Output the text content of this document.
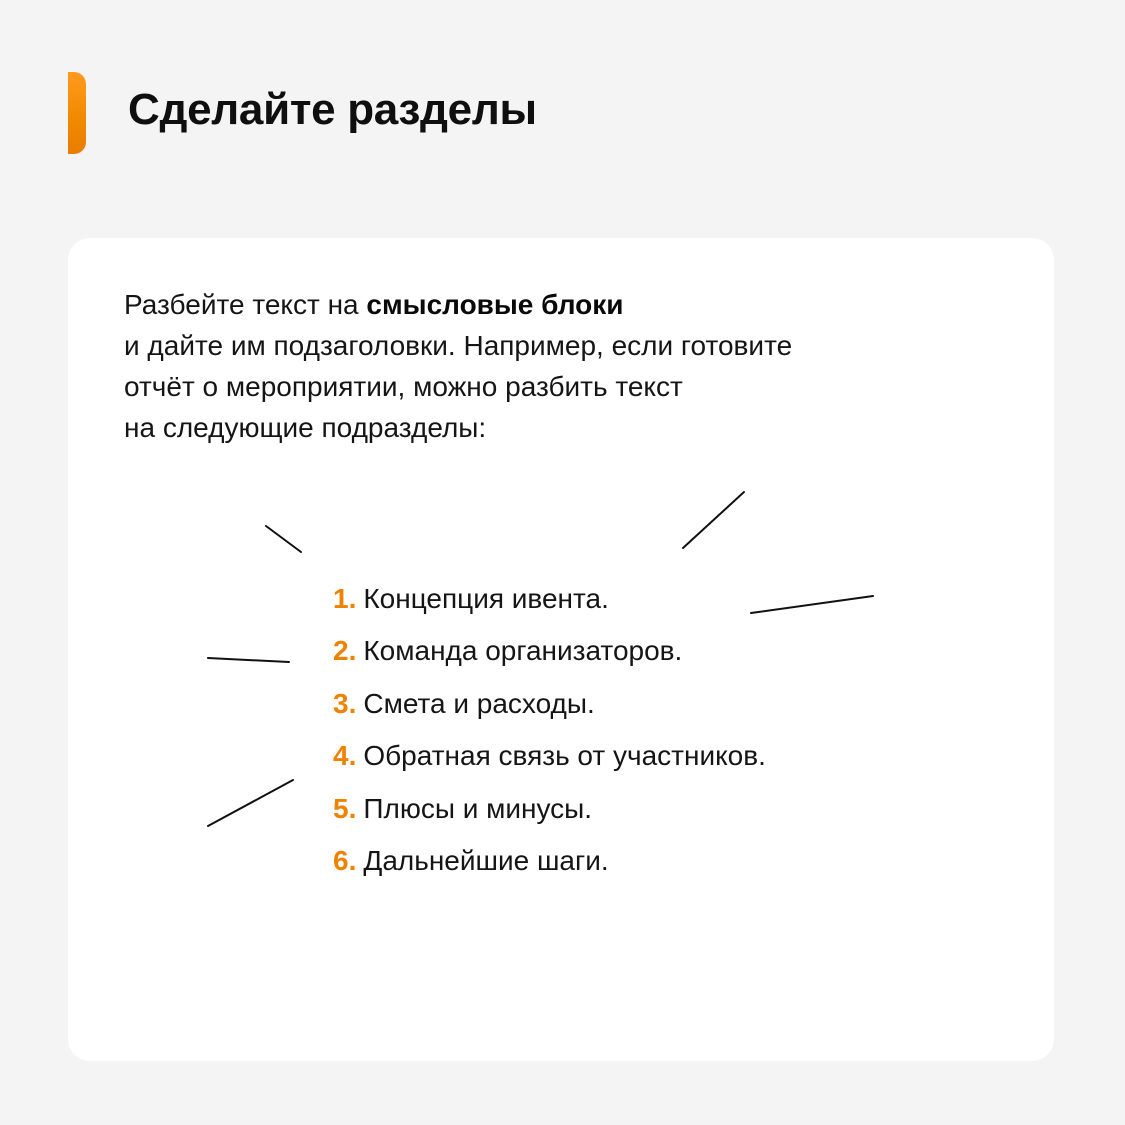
Сделайте разделы

Разбейте текст на смысловые блоки
и дайте им подзаголовки. Например, если готовите
отчёт о мероприятии, можно разбить текст
на следующие подразделы:

1. Концепция ивента.
2. Команда организаторов.
3. Смета и расходы.
4. Обратная связь от участников.
5. Плюсы и минусы.
6. Дальнейшие шаги.
